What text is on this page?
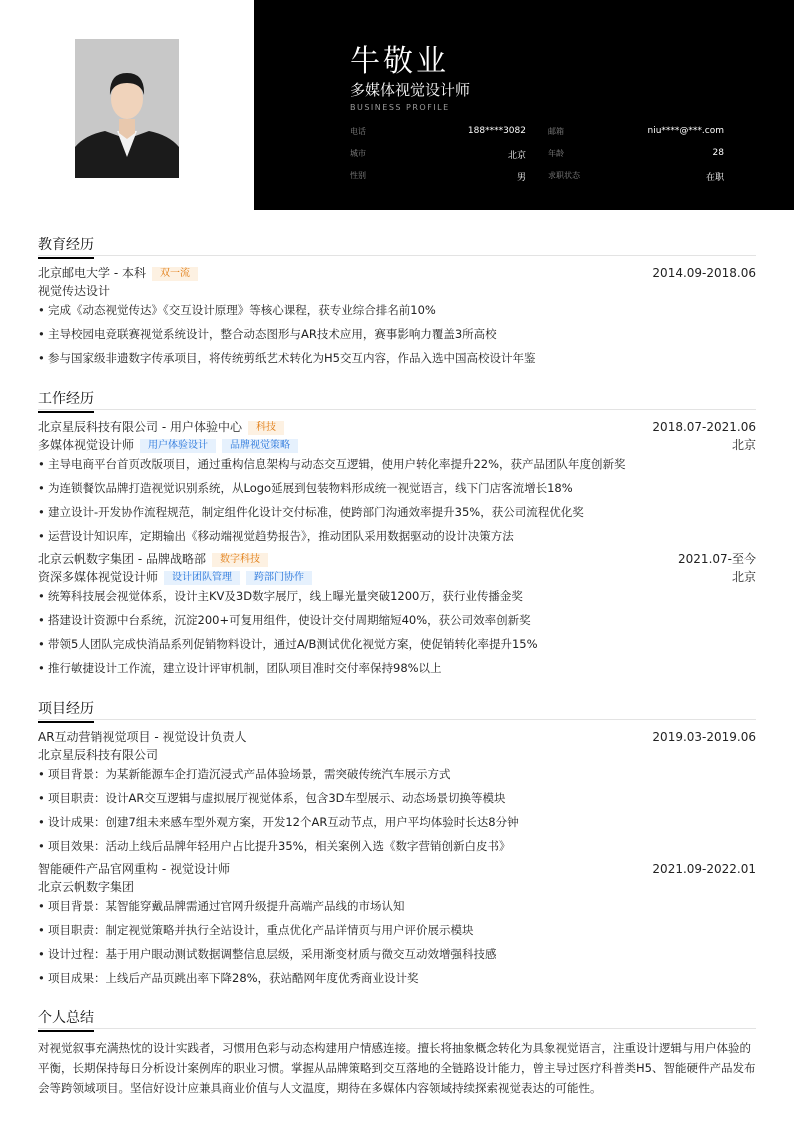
牛敬业
多媒体视觉设计师
BUSINESS PROFILE
电话	188****3082	邮箱	niu****@***.com
城市	北京	年龄	28
性别	男	求职状态	在职
教育经历
北京邮电大学 - 本科 双一流	2014.09-2018.06
视觉传达设计
• 完成《动态视觉传达》《交互设计原理》等核心课程，获专业综合排名前10%
• 主导校园电竞联赛视觉系统设计，整合动态图形与AR技术应用，赛事影响力覆盖3所高校
• 参与国家级非遗数字传承项目，将传统剪纸艺术转化为H5交互内容，作品入选中国高校设计年鉴
工作经历
北京星辰科技有限公司 - 用户体验中心 科技	2018.07-2021.06
多媒体视觉设计师 用户体验设计 品牌视觉策略	北京
• 主导电商平台首页改版项目，通过重构信息架构与动态交互逻辑，使用户转化率提升22%，获产品团队年度创新奖
• 为连锁餐饮品牌打造视觉识别系统，从Logo延展到包装物料形成统一视觉语言，线下门店客流增长18%
• 建立设计-开发协作流程规范，制定组件化设计交付标准，使跨部门沟通效率提升35%，获公司流程优化奖
• 运营设计知识库，定期输出《移动端视觉趋势报告》，推动团队采用数据驱动的设计决策方法
北京云帆数字集团 - 品牌战略部 数字科技	2021.07-至今
资深多媒体视觉设计师 设计团队管理 跨部门协作	北京
• 统筹科技展会视觉体系，设计主KV及3D数字展厅，线上曝光量突破1200万，获行业传播金奖
• 搭建设计资源中台系统，沉淀200+可复用组件，使设计交付周期缩短40%，获公司效率创新奖
• 带领5人团队完成快消品系列促销物料设计，通过A/B测试优化视觉方案，使促销转化率提升15%
• 推行敏捷设计工作流，建立设计评审机制，团队项目准时交付率保持98%以上
项目经历
AR互动营销视觉项目 - 视觉设计负责人	2019.03-2019.06
北京星辰科技有限公司
• 项目背景：为某新能源车企打造沉浸式产品体验场景，需突破传统汽车展示方式
• 项目职责：设计AR交互逻辑与虚拟展厅视觉体系，包含3D车型展示、动态场景切换等模块
• 设计成果：创建7组未来感车型外观方案，开发12个AR互动节点，用户平均体验时长达8分钟
• 项目效果：活动上线后品牌年轻用户占比提升35%，相关案例入选《数字营销创新白皮书》
智能硬件产品官网重构 - 视觉设计师	2021.09-2022.01
北京云帆数字集团
• 项目背景：某智能穿戴品牌需通过官网升级提升高端产品线的市场认知
• 项目职责：制定视觉策略并执行全站设计，重点优化产品详情页与用户评价展示模块
• 设计过程：基于用户眼动测试数据调整信息层级，采用渐变材质与微交互动效增强科技感
• 项目成果：上线后产品页跳出率下降28%，获站酷网年度优秀商业设计奖
个人总结
对视觉叙事充满热忱的设计实践者，习惯用色彩与动态构建用户情感连接。擅长将抽象概念转化为具象视觉语言，注重设计逻辑与用户体验的平衡，长期保持每日分析设计案例库的职业习惯。掌握从品牌策略到交互落地的全链路设计能力，曾主导过医疗科普类H5、智能硬件产品发布会等跨领域项目。坚信好设计应兼具商业价值与人文温度，期待在多媒体内容领域持续探索视觉表达的可能性。
